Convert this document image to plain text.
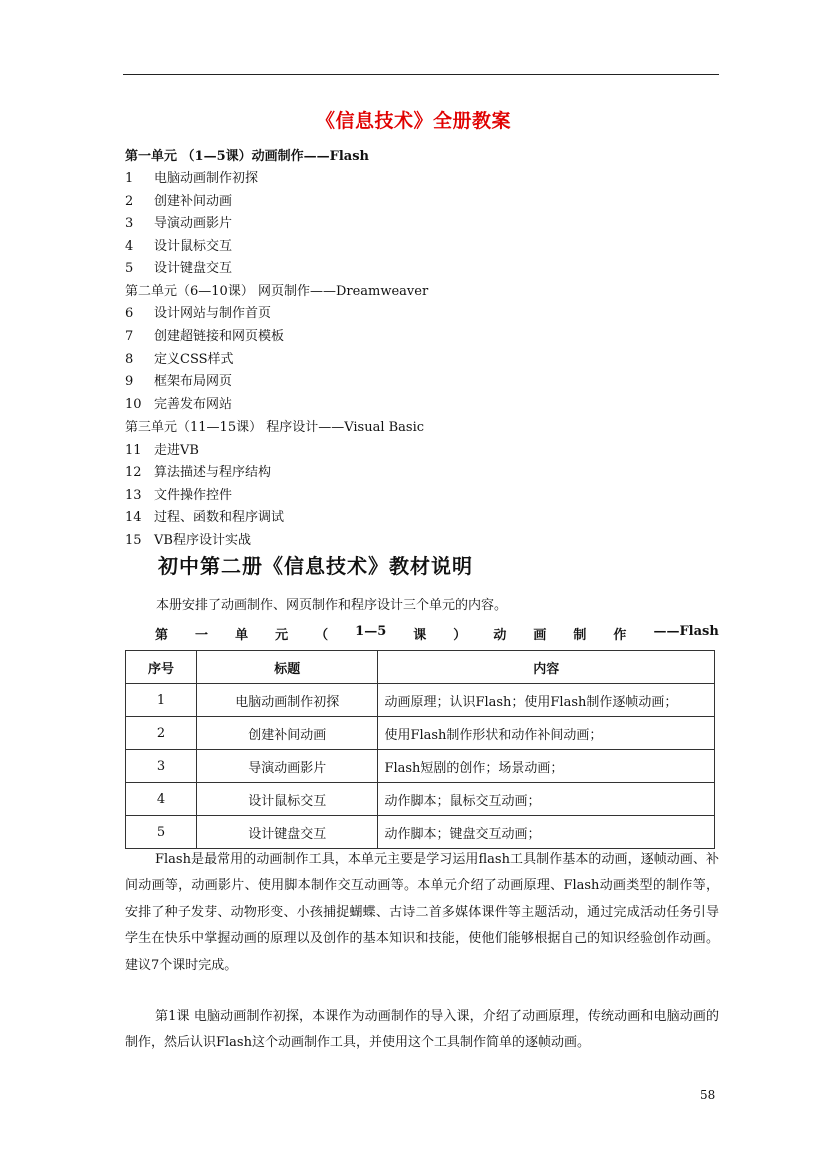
《信息技术》全册教案
第一单元 （1—5课）动画制作——Flash
1 电脑动画制作初探
2 创建补间动画
3 导演动画影片
4 设计鼠标交互
5 设计键盘交互
第二单元（6—10课） 网页制作——Dreamweaver
6 设计网站与制作首页
7 创建超链接和网页模板
8 定义CSS样式
9 框架布局网页
10 完善发布网站
第三单元（11—15课） 程序设计——Visual Basic
11 走进VB
12 算法描述与程序结构
13 文件操作控件
14 过程、函数和程序调试
15 VB程序设计实战
初中第二册《信息技术》教材说明
本册安排了动画制作、网页制作和程序设计三个单元的内容。
第 一 单 元 （ 1—5 课 ） 动 画 制 作 ——Flash
序号	标题	内容
1	电脑动画制作初探	动画原理；认识Flash；使用Flash制作逐帧动画；
2	创建补间动画	使用Flash制作形状和动作补间动画；
3	导演动画影片	Flash短剧的创作；场景动画；
4	设计鼠标交互	动作脚本；鼠标交互动画；
5	设计键盘交互	动作脚本；键盘交互动画；

Flash是最常用的动画制作工具，本单元主要是学习运用flash工具制作基本的动画，逐帧动画、补间动画等，动画影片、使用脚本制作交互动画等。本单元介绍了动画原理、Flash动画类型的制作等，安排了种子发芽、动物形变、小孩捕捉蝴蝶、古诗二首多媒体课件等主题活动，通过完成活动任务引导学生在快乐中掌握动画的原理以及创作的基本知识和技能，使他们能够根据自己的知识经验创作动画。建议7个课时完成。

第1课 电脑动画制作初探，本课作为动画制作的导入课，介绍了动画原理，传统动画和电脑动画的制作，然后认识Flash这个动画制作工具，并使用这个工具制作简单的逐帧动画。

58
